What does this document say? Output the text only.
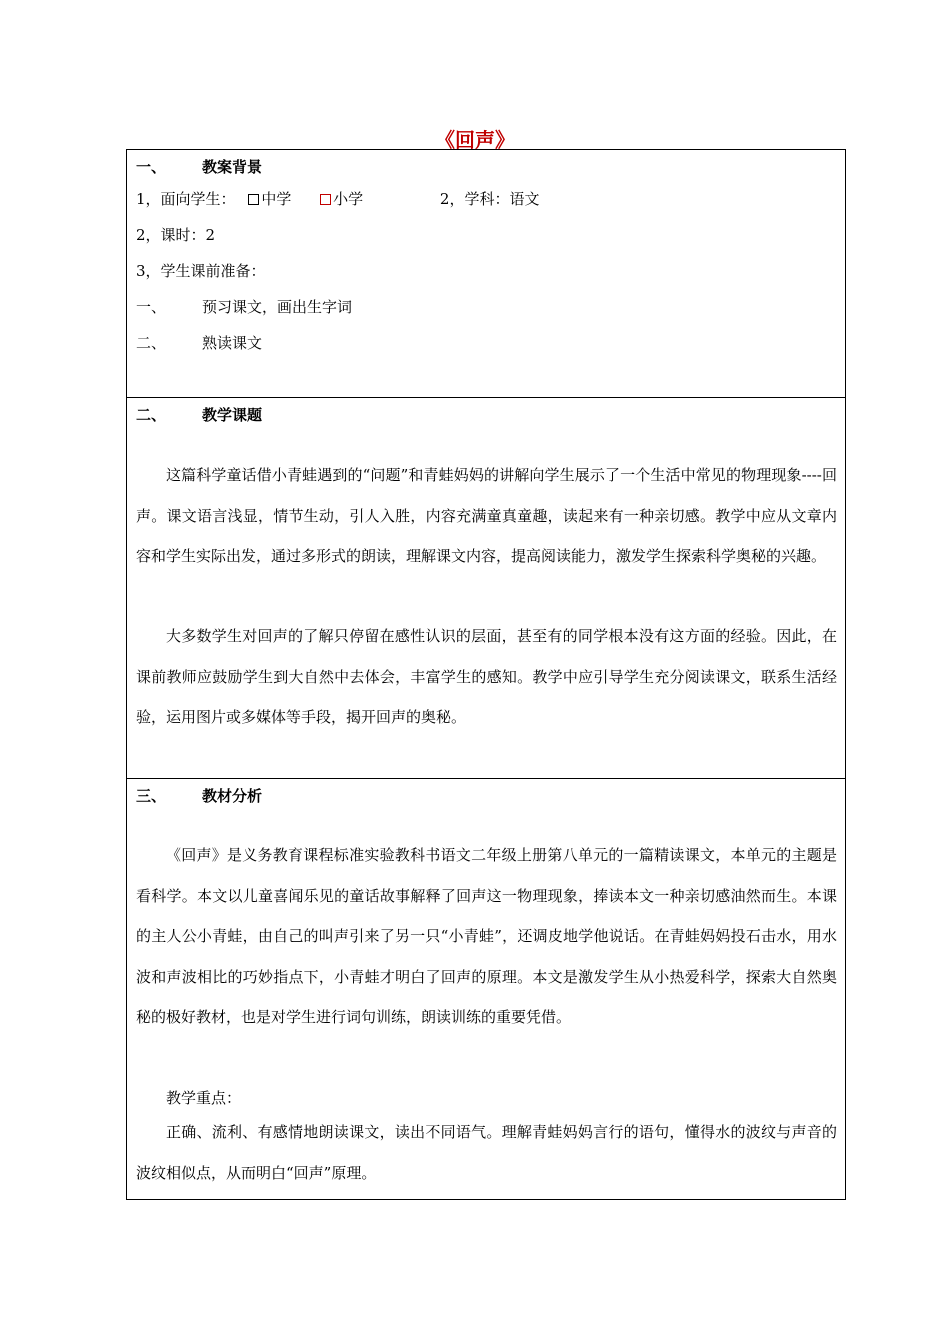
《回声》
一、 教案背景
1，面向学生： 中学	小学	2，学科：语文
2，课时：2
3，学生课前准备：
一、 预习课文，画出生字词
二、 熟读课文
二、 教学课题
这篇科学童话借小青蛙遇到的“问题”和青蛙妈妈的讲解向学生展示了一个生活中常见的物理现象----回声。课文语言浅显，情节生动，引人入胜，内容充满童真童趣，读起来有一种亲切感。教学中应从文章内容和学生实际出发，通过多形式的朗读，理解课文内容，提高阅读能力，激发学生探索科学奥秘的兴趣。
大多数学生对回声的了解只停留在感性认识的层面，甚至有的同学根本没有这方面的经验。因此，在课前教师应鼓励学生到大自然中去体会，丰富学生的感知。教学中应引导学生充分阅读课文，联系生活经验，运用图片或多媒体等手段，揭开回声的奥秘。
三、 教材分析
《回声》是义务教育课程标准实验教科书语文二年级上册第八单元的一篇精读课文，本单元的主题是看科学。本文以儿童喜闻乐见的童话故事解释了回声这一物理现象，捧读本文一种亲切感油然而生。本课的主人公小青蛙，由自己的叫声引来了另一只“小青蛙”，还调皮地学他说话。在青蛙妈妈投石击水，用水波和声波相比的巧妙指点下，小青蛙才明白了回声的原理。本文是激发学生从小热爱科学，探索大自然奥秘的极好教材，也是对学生进行词句训练，朗读训练的重要凭借。
教学重点：
正确、流利、有感情地朗读课文，读出不同语气。理解青蛙妈妈言行的语句，懂得水的波纹与声音的波纹相似点，从而明白“回声”原理。
